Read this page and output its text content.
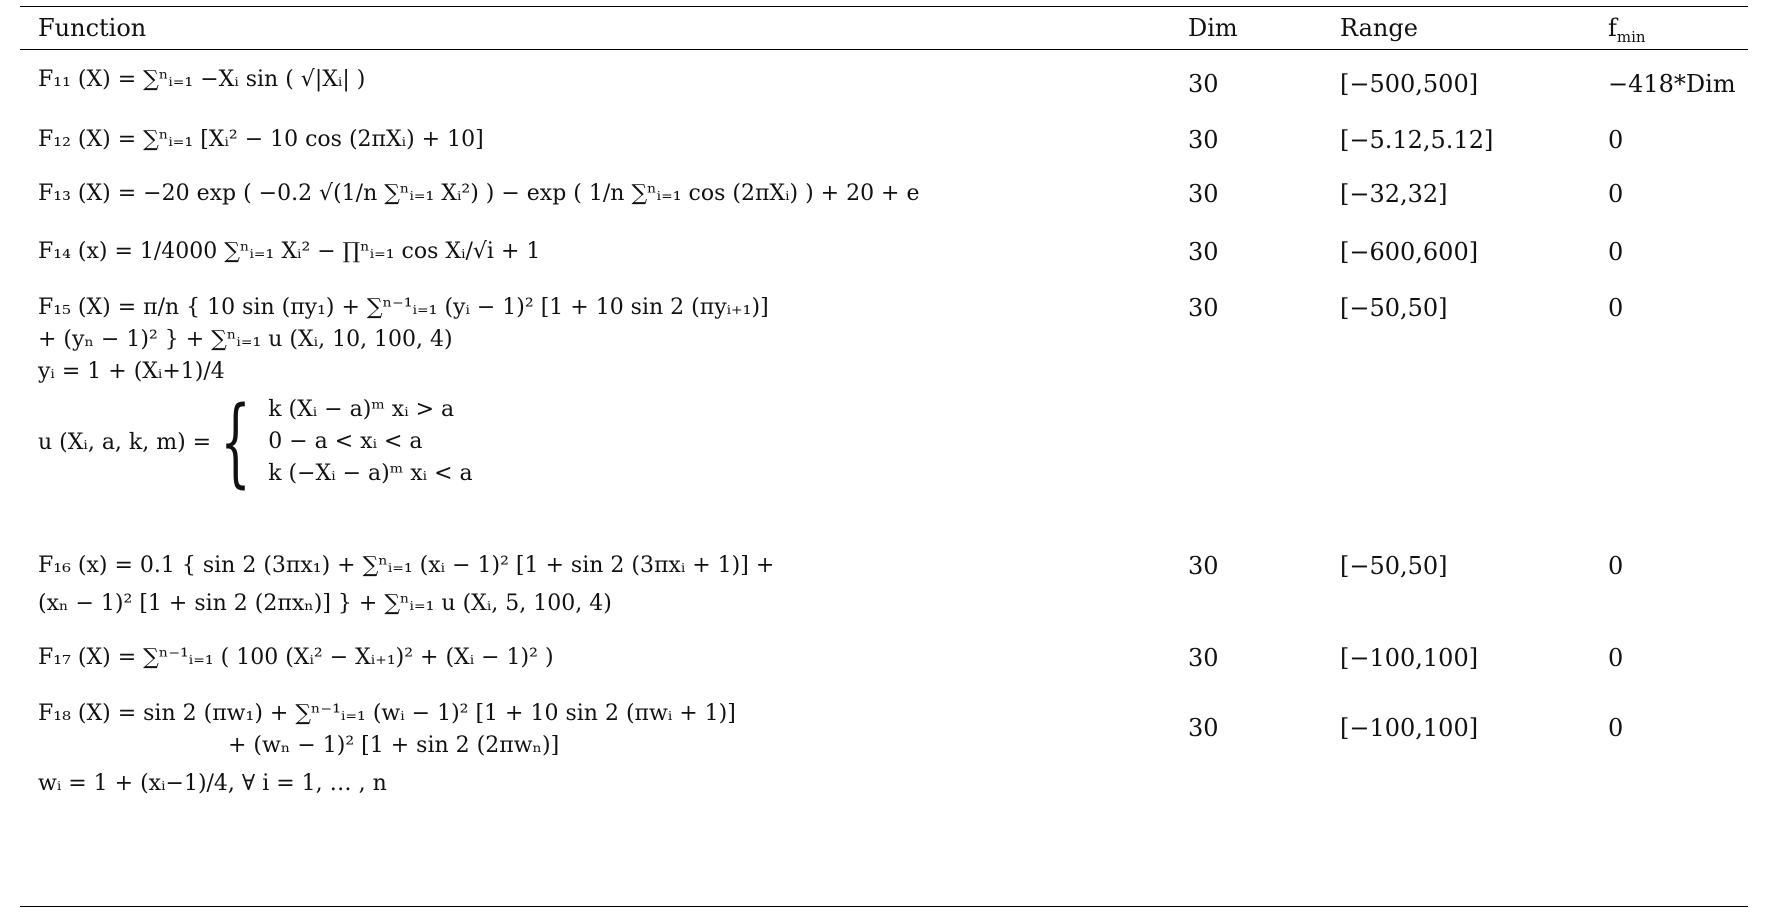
Function	Dim	Range	$f_{min}$
F₁₁ (X) = ∑ⁿᵢ₌₁ −Xᵢ sin ( √|Xᵢ| )	30	[−500,500]	−418*Dim
F₁₂ (X) = ∑ⁿᵢ₌₁ [Xᵢ² − 10 cos (2πXᵢ) + 10]	30	[−5.12,5.12]	0
F₁₃ (X) = −20 exp ( −0.2 √(1/n ∑ⁿᵢ₌₁ Xᵢ²) ) − exp ( 1/n ∑ⁿᵢ₌₁ cos (2πXᵢ) ) + 20 + e	30	[−32,32]	0
F₁₄ (x) = 1/4000 ∑ⁿᵢ₌₁ Xᵢ² − ∏ⁿᵢ₌₁ cos Xᵢ/√i + 1	30	[−600,600]	0
F₁₅ (X) = π/n { 10 sin (πy₁) + ∑ⁿ⁻¹ᵢ₌₁ (yᵢ − 1)² [1 + 10 sin 2 (πyᵢ₊₁)]
+ (yₙ − 1)² } + ∑ⁿᵢ₌₁ u (Xᵢ, 10, 100, 4)
yᵢ = 1 + (Xᵢ+1)/4
u (Xᵢ, a, k, m) = { k (Xᵢ − a)ᵐ xᵢ > a
0 − a < xᵢ < a
k (−Xᵢ − a)ᵐ xᵢ < a
30	[−50,50]	0
F₁₆ (x) = 0.1 { sin 2 (3πx₁) + ∑ⁿᵢ₌₁ (xᵢ − 1)² [1 + sin 2 (3πxᵢ + 1)] +
(xₙ − 1)² [1 + sin 2 (2πxₙ)] } + ∑ⁿᵢ₌₁ u (Xᵢ, 5, 100, 4)
30	[−50,50]	0
F₁₇ (X) = ∑ⁿ⁻¹ᵢ₌₁ ( 100 (Xᵢ² − Xᵢ₊₁)² + (Xᵢ − 1)² )	30	[−100,100]	0
F₁₈ (X) = sin 2 (πw₁) + ∑ⁿ⁻¹ᵢ₌₁ (wᵢ − 1)² [1 + 10 sin 2 (πwᵢ + 1)]
+ (wₙ − 1)² [1 + sin 2 (2πwₙ)]
wᵢ = 1 + (xᵢ−1)/4, ∀ i = 1, … , n
30	[−100,100]	0
